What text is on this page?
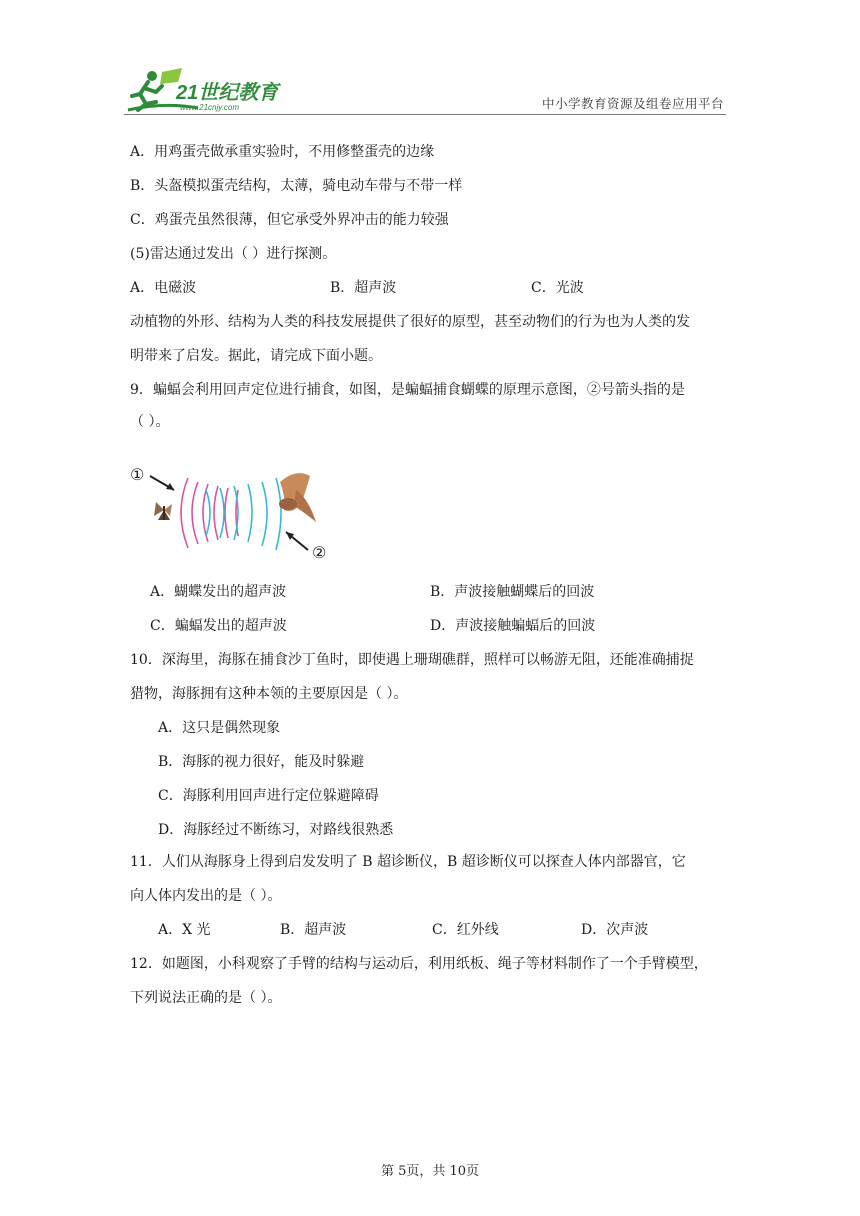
21世纪教育
www.21cnjy.com	中小学教育资源及组卷应用平台
A．用鸡蛋壳做承重实验时，不用修整蛋壳的边缘
B．头盔模拟蛋壳结构，太薄，骑电动车带与不带一样
C．鸡蛋壳虽然很薄，但它承受外界冲击的能力较强
(5)雷达通过发出（ ）进行探测。
A．电磁波	B．超声波	C．光波
动植物的外形、结构为人类的科技发展提供了很好的原型，甚至动物们的行为也为人类的发
明带来了启发。据此，请完成下面小题。
9．蝙蝠会利用回声定位进行捕食，如图，是蝙蝠捕食蝴蝶的原理示意图，②号箭头指的是
（ ）。
①
②
A．蝴蝶发出的超声波	B．声波接触蝴蝶后的回波
C．蝙蝠发出的超声波	D．声波接触蝙蝠后的回波
10．深海里，海豚在捕食沙丁鱼时，即使遇上珊瑚礁群，照样可以畅游无阻，还能准确捕捉
猎物，海豚拥有这种本领的主要原因是（ ）。
A．这只是偶然现象
B．海豚的视力很好，能及时躲避
C．海豚利用回声进行定位躲避障碍
D．海豚经过不断练习，对路线很熟悉
11．人们从海豚身上得到启发发明了 B 超诊断仪，B 超诊断仪可以探查人体内部器官，它
向人体内发出的是（ ）。
A．X 光	B．超声波	C．红外线	D．次声波
12．如题图，小科观察了手臂的结构与运动后，利用纸板、绳子等材料制作了一个手臂模型，
下列说法正确的是（ ）。
第 5页，共 10页
